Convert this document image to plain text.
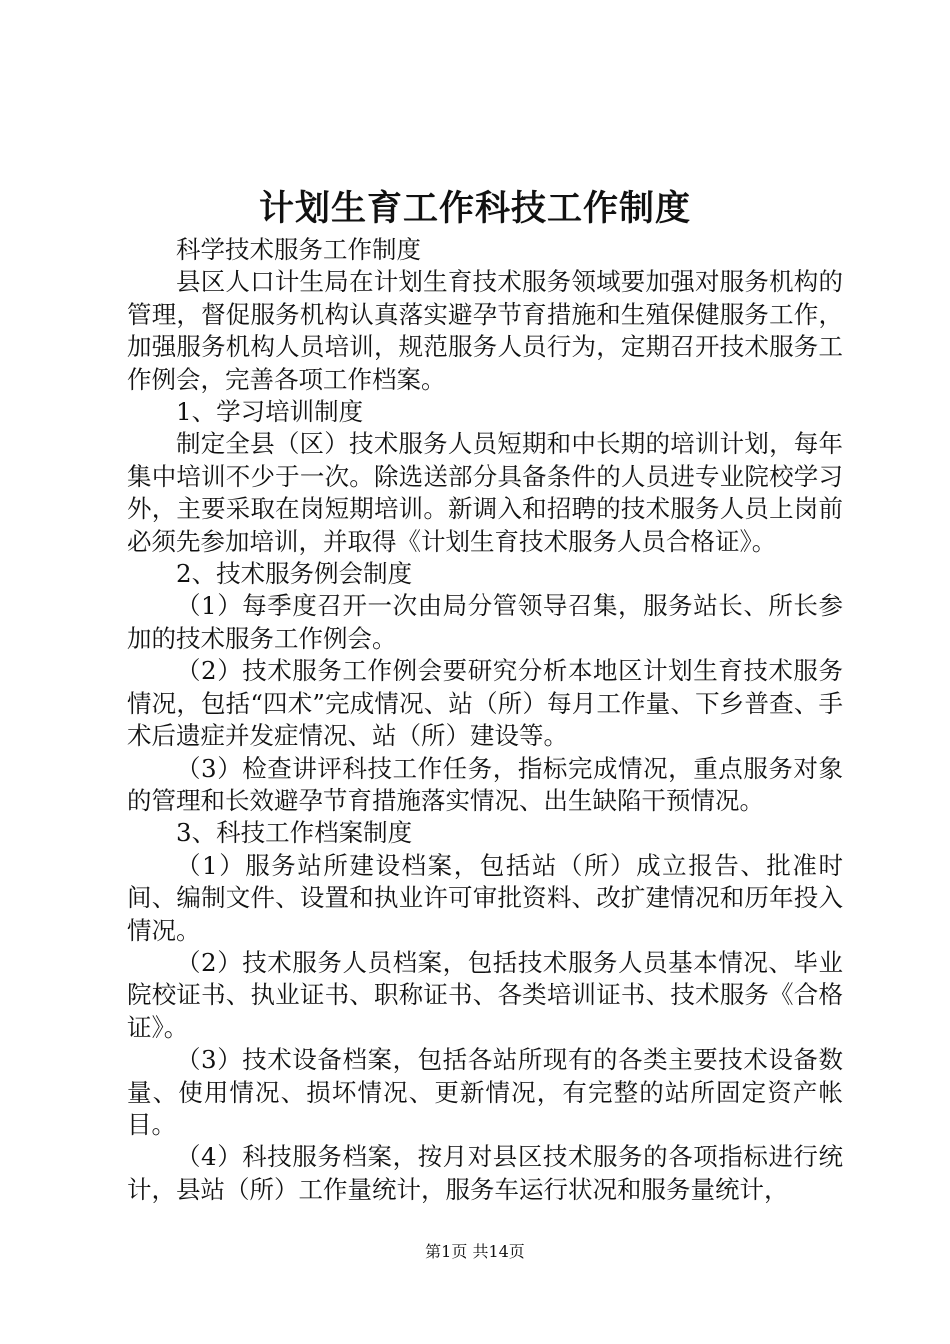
计划生育工作科技工作制度

科学技术服务工作制度

县区人口计生局在计划生育技术服务领域要加强对服务机构的管理，督促服务机构认真落实避孕节育措施和生殖保健服务工作，加强服务机构人员培训，规范服务人员行为，定期召开技术服务工作例会，完善各项工作档案。

1、学习培训制度

制定全县（区）技术服务人员短期和中长期的培训计划，每年集中培训不少于一次。除选送部分具备条件的人员进专业院校学习外，主要采取在岗短期培训。新调入和招聘的技术服务人员上岗前必须先参加培训，并取得《计划生育技术服务人员合格证》。

2、技术服务例会制度

（1）每季度召开一次由局分管领导召集，服务站长、所长参加的技术服务工作例会。

（2）技术服务工作例会要研究分析本地区计划生育技术服务情况，包括“四术”完成情况、站（所）每月工作量、下乡普查、手术后遗症并发症情况、站（所）建设等。

（3）检查讲评科技工作任务，指标完成情况，重点服务对象的管理和长效避孕节育措施落实情况、出生缺陷干预情况。

3、科技工作档案制度

（1）服务站所建设档案，包括站（所）成立报告、批准时间、编制文件、设置和执业许可审批资料、改扩建情况和历年投入情况。

（2）技术服务人员档案，包括技术服务人员基本情况、毕业院校证书、执业证书、职称证书、各类培训证书、技术服务《合格证》。

（3）技术设备档案，包括各站所现有的各类主要技术设备数量、使用情况、损坏情况、更新情况，有完整的站所固定资产帐目。

（4）科技服务档案，按月对县区技术服务的各项指标进行统计，县站（所）工作量统计，服务车运行状况和服务量统计，

第1页 共14页
